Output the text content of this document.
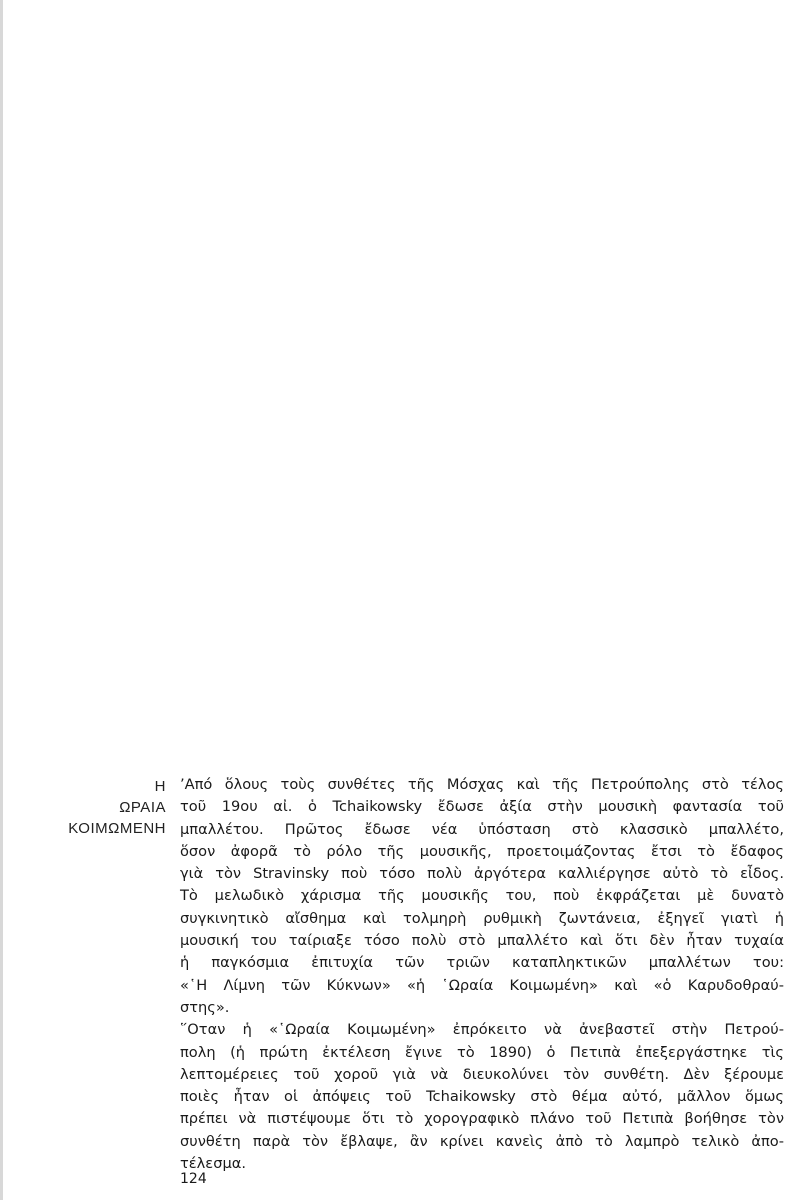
Η
ΩΡΑΙΑ
ΚΟΙΜΩΜΕΝΗ
’Από ὅλους τοὺς συνθέτες τῆς Μόσχας καὶ τῆς Πετρούπολης στὸ τέλος
τοῦ 19ου αἰ. ὁ Tchaikowsky ἔδωσε ἀξία στὴν μουσικὴ φαντασία τοῦ
μπαλλέτου. Πρῶτος ἔδωσε νέα ὑπόσταση στὸ κλασσικὸ μπαλλέτο,
ὅσον ἀφορᾶ τὸ ρόλο τῆς μουσικῆς, προετοιμάζοντας ἔτσι τὸ ἔδαφος
γιὰ τὸν Stravinsky ποὺ τόσο πολὺ ἀργότερα καλλιέργησε αὐτὸ τὸ εἶδος.
Τὸ μελωδικὸ χάρισμα τῆς μουσικῆς του, ποὺ ἐκφράζεται μὲ δυνατὸ
συγκινητικὸ αἴσθημα καὶ τολμηρὴ ρυθμικὴ ζωντάνεια, ἐξηγεῖ γιατὶ ἡ
μουσική του ταίριαξε τόσο πολὺ στὸ μπαλλέτο καὶ ὅτι δὲν ἦταν τυχαία
ἡ παγκόσμια ἐπιτυχία τῶν τριῶν καταπληκτικῶν μπαλλέτων του:
«῾Η Λίμνη τῶν Κύκνων» «ἡ ῾Ωραία Κοιμωμένη» καὶ «ὁ Καρυδοθραύ-
στης».
῞Οταν ἡ «῾Ωραία Κοιμωμένη» ἐπρόκειτο νὰ ἀνεβαστεῖ στὴν Πετρού-
πολη (ἡ πρώτη ἐκτέλεση ἔγινε τὸ 1890) ὁ Πετιπὰ ἐπεξεργάστηκε τὶς
λεπτομέρειες τοῦ χοροῦ γιὰ νὰ διευκολύνει τὸν συνθέτη. Δὲν ξέρουμε
ποιὲς ἦταν οἱ ἀπόψεις τοῦ Tchaikowsky στὸ θέμα αὐτό, μᾶλλον ὅμως
πρέπει νὰ πιστέψουμε ὅτι τὸ χορογραφικὸ πλάνο τοῦ Πετιπὰ βοήθησε τὸν
συνθέτη παρὰ τὸν ἔβλαψε, ἂν κρίνει κανεὶς ἀπὸ τὸ λαμπρὸ τελικὸ ἀπο-
τέλεσμα.
124
